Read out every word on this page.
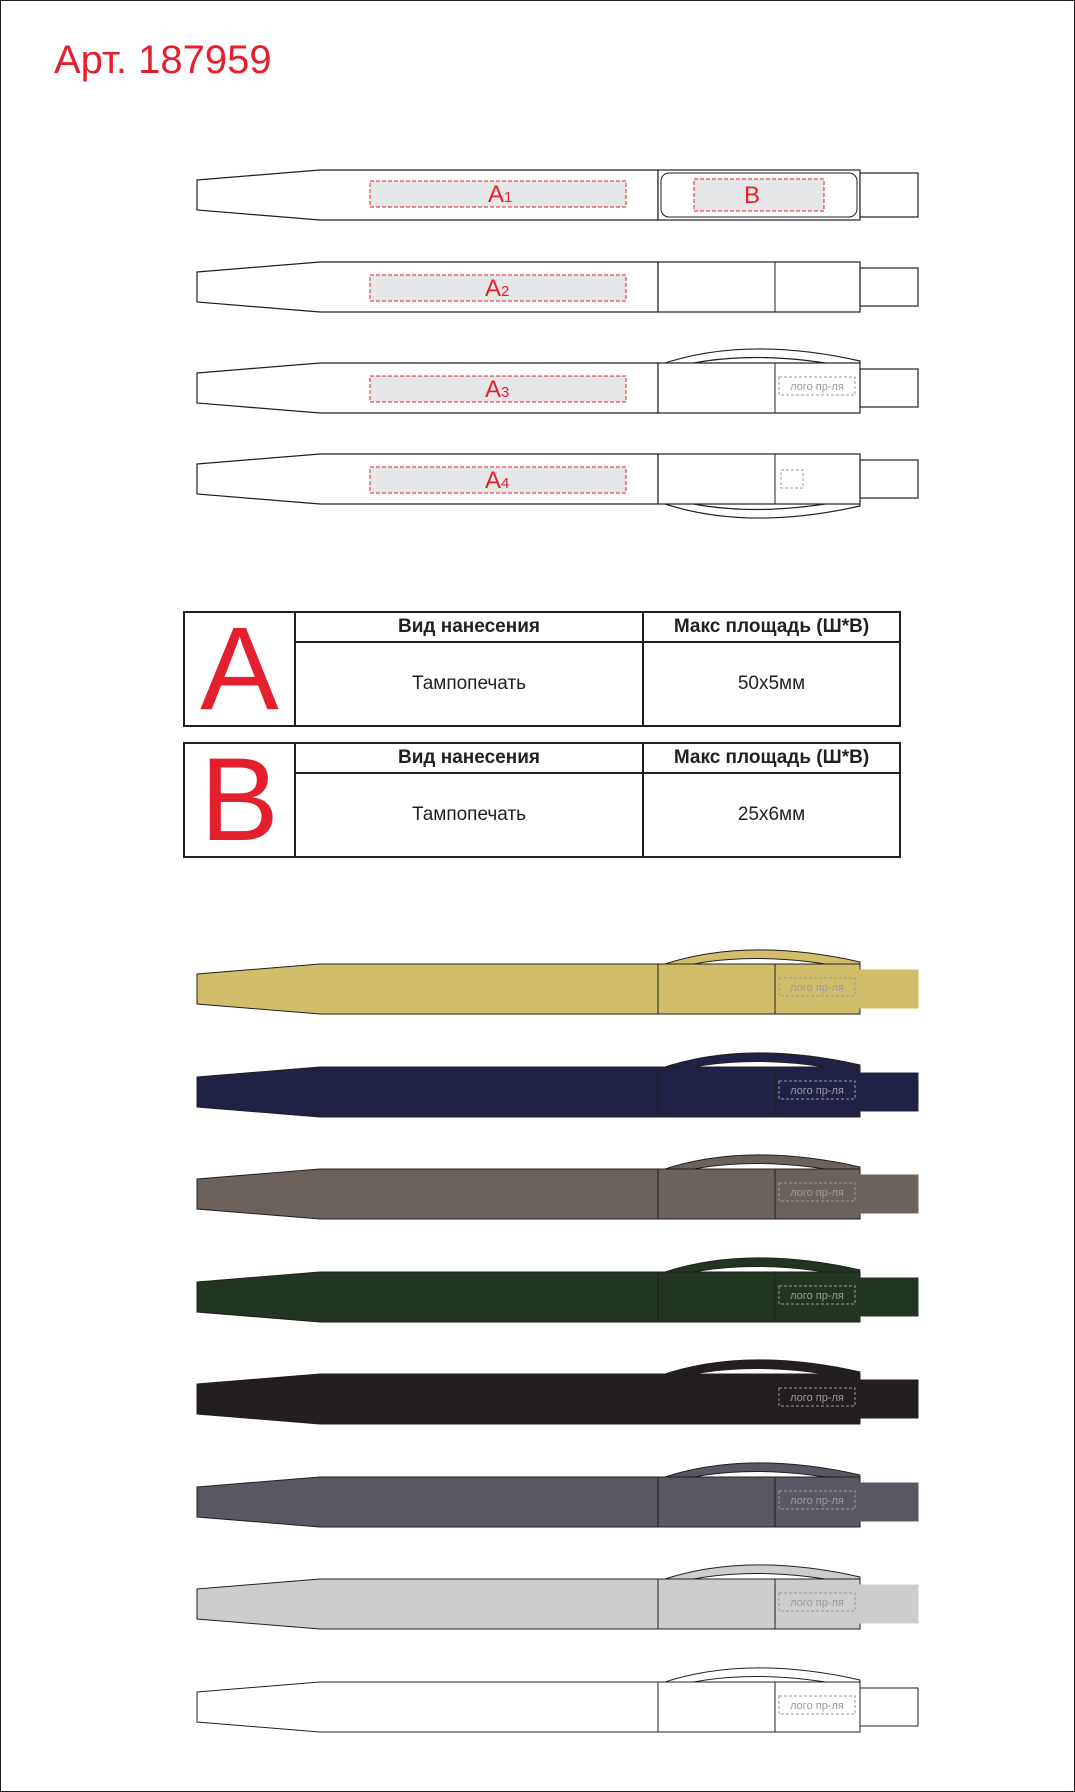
Арт. 187959
A1	B
A2
A3	лого пр-ля
A4
лого пр-ля
лого пр-ля
лого пр-ля
лого пр-ля
лого пр-ля
лого пр-ля
лого пр-ля
лого пр-ля
A	Вид нанесения	Макс площадь (Ш*В)
Тампопечать	50x5мм
B	Вид нанесения	Макс площадь (Ш*В)
Тампопечать	25x6мм
